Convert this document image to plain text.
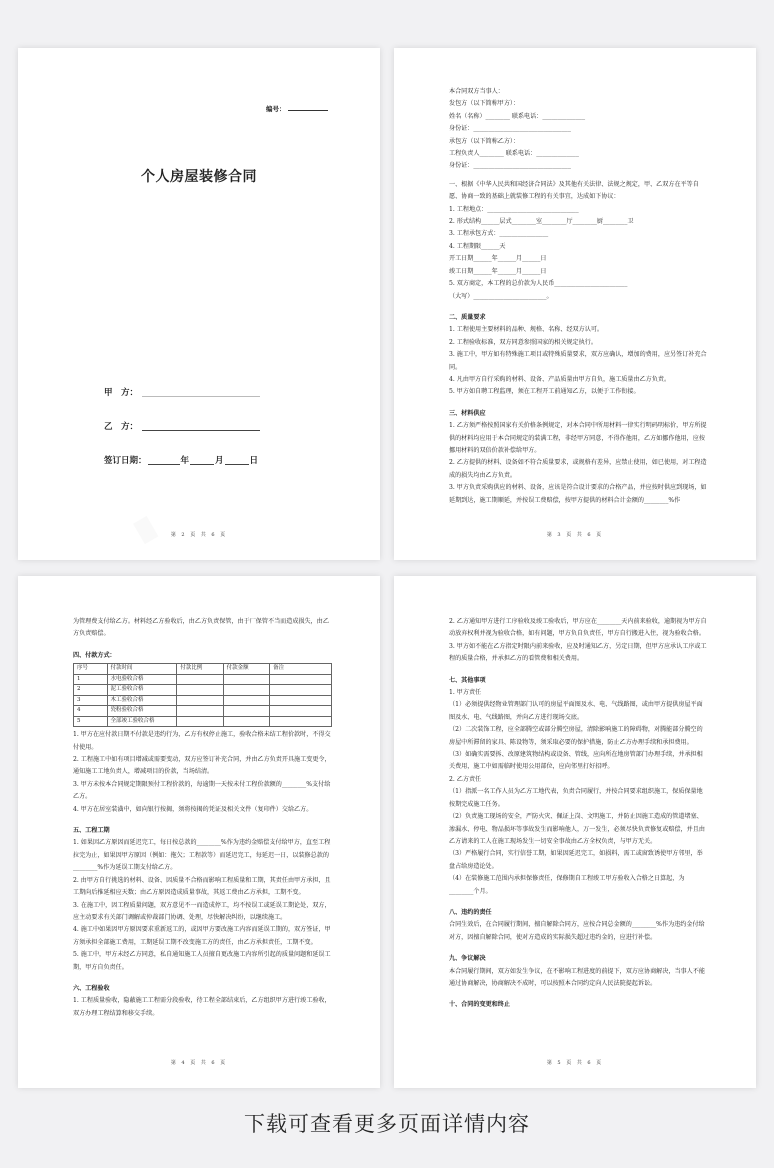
编号：
个人房屋装修合同
甲　方：
乙　方：
签订日期：	年	月	日
第 2 页 共 6 页

本合同双方当事人：

发包方（以下简称甲方）：

姓名（名称）________ 联系电话：______________

身份证：________________________________

承包方（以下简称乙方）：

工程负责人________ 联系电话：______________

身份证：________________________________

一、根据《中华人民共和国经济合同法》及其他有关法律、法规之规定，甲、乙双方在平等自愿、协商一致的基础上就装修工程的有关事宜，达成如下协议：

1. 工程地点：______________________________

2. 形式结构______层式________室________厅________厨________卫

3. 工程承包方式：________________

4. 工程期限______天

开工日期______年______月______日

竣工日期______年______月______日

5. 双方商定，本工程的总价款为人民币________________________

（大写）________________________。

二、质量要求

1. 工程使用主要材料的品种、规格、名称、经双方认可。

2. 工程验收标准，双方同意参照国家的相关规定执行。

3. 施工中，甲方如有特殊施工项目或特殊质量要求，双方应确认，增加的费用，应另签订补充合同。

4. 凡由甲方自行采购的材料、设备、产品质量由甲方自负，施工质量由乙方负责。

5. 甲方如自聘工程监理，须在工程开工前通知乙方，以便于工作衔接。

三、材料供应

1. 乙方须严格按照国家有关价格条例规定，对本合同中所用材料一律实行明码明标价，甲方所提供的材料均应用于本合同规定的装满工程，非经甲方同意，不得作他用，乙方如挪作他用，应按挪用材料的双倍价款补偿给甲方。

2. 乙方提供的材料、设备如不符合质量要求，或规格有差异，应禁止使用，如已使用，对工程造成的损失均由乙方负责。

3. 甲方负责采购供应的材料、设备，应该是符合设计要求的合格产品，并应按时供应到现场，如延期到达，施工期顺延，并按误工费赔偿，按甲方提供的材料合计金额的________%作

第 3 页 共 6 页

为管理费支付给乙方。材料经乙方验收后，由乙方负责保管，由于厂保管不当而造成损失，由乙方负责赔偿。

四、付款方式：

序号	付款时间	付款比例	付款金额	备注
1	水电验收合格			
2	泥工验收合格			
3	木工验收合格			
4	瓷粉验收合格			
5	全部竣工验收合格			

1. 甲方在应付款日期不付款是违约行为，乙方有权停止施工，验收合格未结工程价款时，不得交付使用。

2. 工程施工中如有项目增减或需要变动，双方应签订补充合同，并由乙方负责开具施工变更令，通知施工工地负责人，增减项目的价款，当场结清。

3. 甲方未按本合同规定期限预付工程价款的，每逾期一天按未付工程价款额的________%支付给乙方。

4. 甲方在居室装潢中，如向银行按揭，须将按揭的凭证及相关文件（复印件）交给乙方。

五、工程工期

1. 如果因乙方原因而延迟完工，每日按总款的________%作为违约金赔偿支付给甲方，直至工程拉完为止，如果因甲方原因（例如：拖欠；工程款等）而延迟完工，每延迟一日，以装修总款的________%作为延误工期支付给乙方。

2. 由甲方自行挑选的材料、设备、因质量不合格而影响工程质量和工期，其责任由甲方承担，且工期向后推延相应天数；由乙方原因造成质量事故，其返工费由乙方承担，工期不变。

3. 在施工中，因工程质量问题，双方意见不一而造成停工，均不按误工或延误工期论处，双方，应主动要求有关部门调解或仲裁部门协调、处理，尽快解决纠纷，以继续施工。

4. 施工中如果因甲方原因要求重新返工的，或因甲方要改施工内容而延误工期的，双方签证，甲方须承担全部施工费用，工期延误工期不改变施工方的责任，由乙方承担责任，工期不变。

5. 施工中，甲方未经乙方同意，私自通知施工人员擅自更改施工内容所引起的质量问题和延误工期，甲方自负责任。

六、工程验收

1. 工程质量验收，隐蔽施工工程需分段验收，待工程全部结束后，乙方组织甲方进行竣工验收，双方办理工程结算和移交手续。

第 4 页 共 6 页

2. 乙方通知甲方进行工序验收及竣工验收后，甲方应在________天内前来验收，逾期视为甲方自动放弃权利并视为验收合格，如有问题，甲方负自负责任，甲方自行搬进入住，视为验收合格。

3. 甲方如不能在乙方指定时限内前来验收，应及时通知乙方，另定日期，但甲方应承认工序或工程的质量合格，并承担乙方的看管费和相关费用。

七、其他事项

1. 甲方责任

（1）必须提供经物业管理部门认可的房屋平面图及水、电、气线路图，或由甲方提供房屋平面图及水、电、气线路图，并向乙方进行现场交底。

（2）二次装饰工程，应全部腾空或部分腾空房屋，清除影响施工的障碍物，对腾能部分腾空的房屋中所滞留的家具、陈设物等，须采取必要的保护措施，防止乙方办理手续和承担费用。

（3）如确实需要拆、改原建筑物结构或设备、管线，应向所在地房管部门办理手续，并承担相关费用，施工中如需临时使用公用部位，应向邻里打好招呼。

2. 乙方责任

（1）指派一名工作人员为乙方工地代表，负责合同履行，并按合同要求组织施工，保质保量地按期完成施工任务。

（2）负责施工现场的安全，严防火灾、佩证上岗、文明施工，并防止因施工造成的管道堵塞、渗漏水、停电、物品损坏等事故发生而影响他人，万一发生，必须尽快负责修复或赔偿，并且由乙方请来的工人在施工现场发生一切安全事故由乙方全权负责，与甲方无关。

（3）严格履行合同，实行信誉工期，如果因延迟完工，如损料，需工或窗致诱使甲方邻里，举盘占给房造论处。

（4）在装修施工范围内承担保修责任，保修期自工程竣工甲方验收入合格之日算起，为________个月。

八、违约的责任

合同生效后，在合同履行期间，擅自解除合同方，应按合同总金额的________%作为违约金付给对方，因擅自解除合同，使对方造成的实际损失超过违约金的，应进行补偿。

九、争议解决

本合同履行期间，双方如发生争议，在不影响工程进度的前提下，双方应协商解决，当事人不能通过协商解决，协商解决不成时，可以按照本合同约定向人民法院提起诉讼。

十、合同的变更和终止

第 5 页 共 6 页
下载可查看更多页面详情内容
